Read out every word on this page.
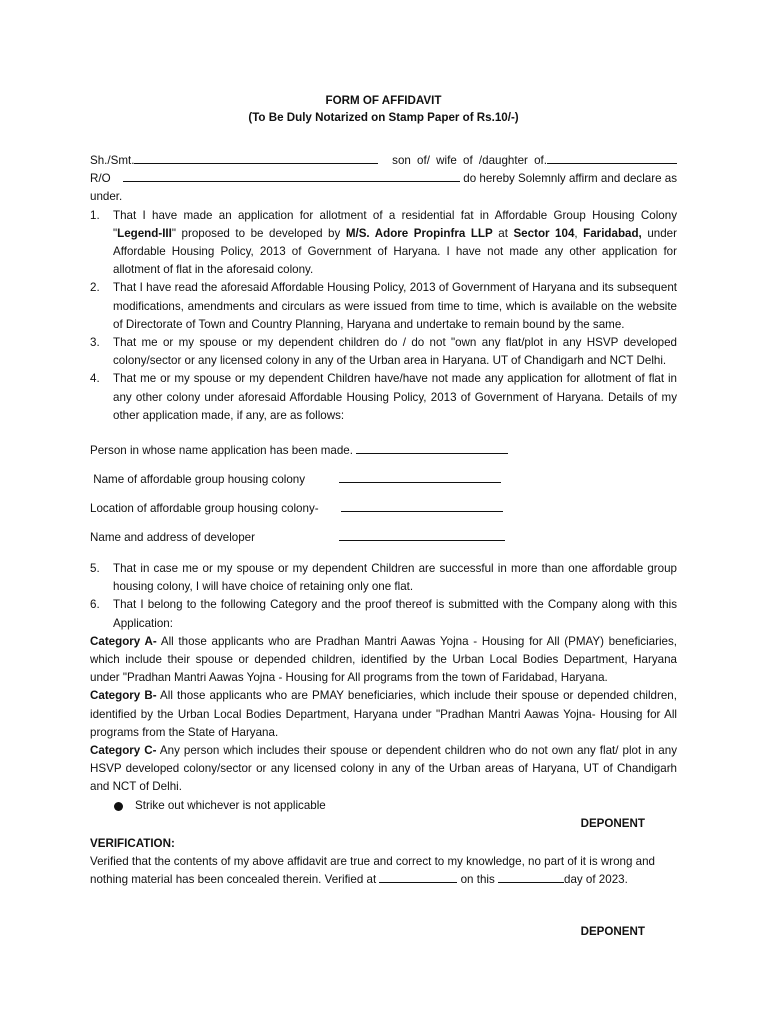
FORM OF AFFIDAVIT
(To Be Duly Notarized on Stamp Paper of Rs.10/-)

Sh./Smt.	son of/ wife of /daughter of.

R/O	do hereby Solemnly affirm and declare as

under.

1. That I have made an application for allotment of a residential fat in Affordable Group Housing Colony "Legend-III" proposed to be developed by M/S. Adore Propinfra LLP at Sector 104, Faridabad, under Affordable Housing Policy, 2013 of Government of Haryana. I have not made any other application for allotment of flat in the aforesaid colony.
2. That I have read the aforesaid Affordable Housing Policy, 2013 of Government of Haryana and its subsequent modifications, amendments and circulars as were issued from time to time, which is available on the website of Directorate of Town and Country Planning, Haryana and undertake to remain bound by the same.
3. That me or my spouse or my dependent children do / do not "own any flat/plot in any HSVP developed colony/sector or any licensed colony in any of the Urban area in Haryana. UT of Chandigarh and NCT Delhi.
4. That me or my spouse or my dependent Children have/have not made any application for allotment of flat in any other colony under aforesaid Affordable Housing Policy, 2013 of Government of Haryana. Details of my other application made, if any, are as follows:

Person in whose name application has been made.

Name of affordable group housing colony

Location of affordable group housing colony-

Name and address of developer

5. That in case me or my spouse or my dependent Children are successful in more than one affordable group housing colony, I will have choice of retaining only one flat.
6. That I belong to the following Category and the proof thereof is submitted with the Company along with this Application:

Category A- All those applicants who are Pradhan Mantri Aawas Yojna - Housing for All (PMAY) beneficiaries, which include their spouse or depended children, identified by the Urban Local Bodies Department, Haryana under "Pradhan Mantri Aawas Yojna - Housing for All programs from the town of Faridabad, Haryana.

Category B- All those applicants who are PMAY beneficiaries, which include their spouse or depended children, identified by the Urban Local Bodies Department, Haryana under "Pradhan Mantri Aawas Yojna- Housing for All programs from the State of Haryana.

Category C- Any person which includes their spouse or dependent children who do not own any flat/ plot in any HSVP developed colony/sector or any licensed colony in any of the Urban areas of Haryana, UT of Chandigarh and NCT of Delhi.

Strike out whichever is not applicable
DEPONENT

VERIFICATION:

Verified that the contents of my above affidavit are true and correct to my knowledge, no part of it is wrong and

nothing material has been concealed therein. Verified at	on this	day of 2023.

DEPONENT
